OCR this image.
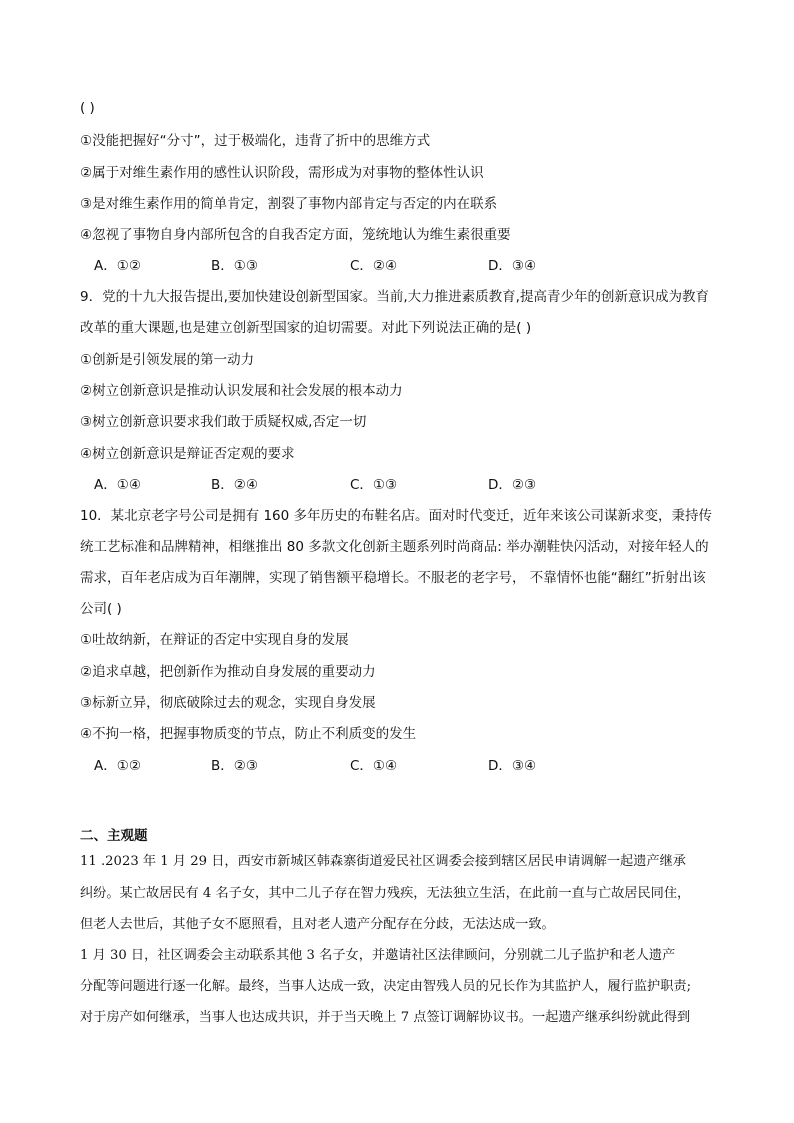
( )
①没能把握好“分寸”，过于极端化，违背了折中的思维方式
②属于对维生素作用的感性认识阶段，需形成为对事物的整体性认识
③是对维生素作用的简单肯定，割裂了事物内部肯定与否定的内在联系
④忽视了事物自身内部所包含的自我否定方面，笼统地认为维生素很重要
A．①②	B．①③	C．②④	D．③④
9．党的十九大报告提出,要加快建设创新型国家。当前,大力推进素质教育,提高青少年的创新意识成为教育
改革的重大课题,也是建立创新型国家的迫切需要。对此下列说法正确的是( )
①创新是引领发展的第一动力
②树立创新意识是推动认识发展和社会发展的根本动力
③树立创新意识要求我们敢于质疑权威,否定一切
④树立创新意识是辩证否定观的要求
A．①④	B．②④	C．①③	D．②③
10．某北京老字号公司是拥有 160 多年历史的布鞋名店。面对时代变迁，近年来该公司谋新求变，秉持传
统工艺标准和品牌精神，相继推出 80 多款文化创新主题系列时尚商品: 举办潮鞋快闪活动，对接年轻人的
需求，百年老店成为百年潮牌，实现了销售额平稳增长。不服老的老字号， 不靠情怀也能“翻红”折射出该
公司( )
①吐故纳新，在辩证的否定中实现自身的发展
②追求卓越，把创新作为推动自身发展的重要动力
③标新立异，彻底破除过去的观念，实现自身发展
④不拘一格，把握事物质变的节点，防止不利质变的发生
A．①②	B．②③	C．①④	D．③④
二、主观题
11 .2023 年 1 月 29 日，西安市新城区韩森寨街道爱民社区调委会接到辖区居民申请调解一起遗产继承
纠纷。某亡故居民有 4 名子女，其中二儿子存在智力残疾，无法独立生活，在此前一直与亡故居民同住，
但老人去世后，其他子女不愿照看，且对老人遗产分配存在分歧，无法达成一致。
1 月 30 日，社区调委会主动联系其他 3 名子女，并邀请社区法律顾问，分别就二儿子监护和老人遗产
分配等问题进行逐一化解。最终，当事人达成一致，决定由智残人员的兄长作为其监护人，履行监护职责;
对于房产如何继承，当事人也达成共识，并于当天晚上 7 点签订调解协议书。一起遗产继承纠纷就此得到
